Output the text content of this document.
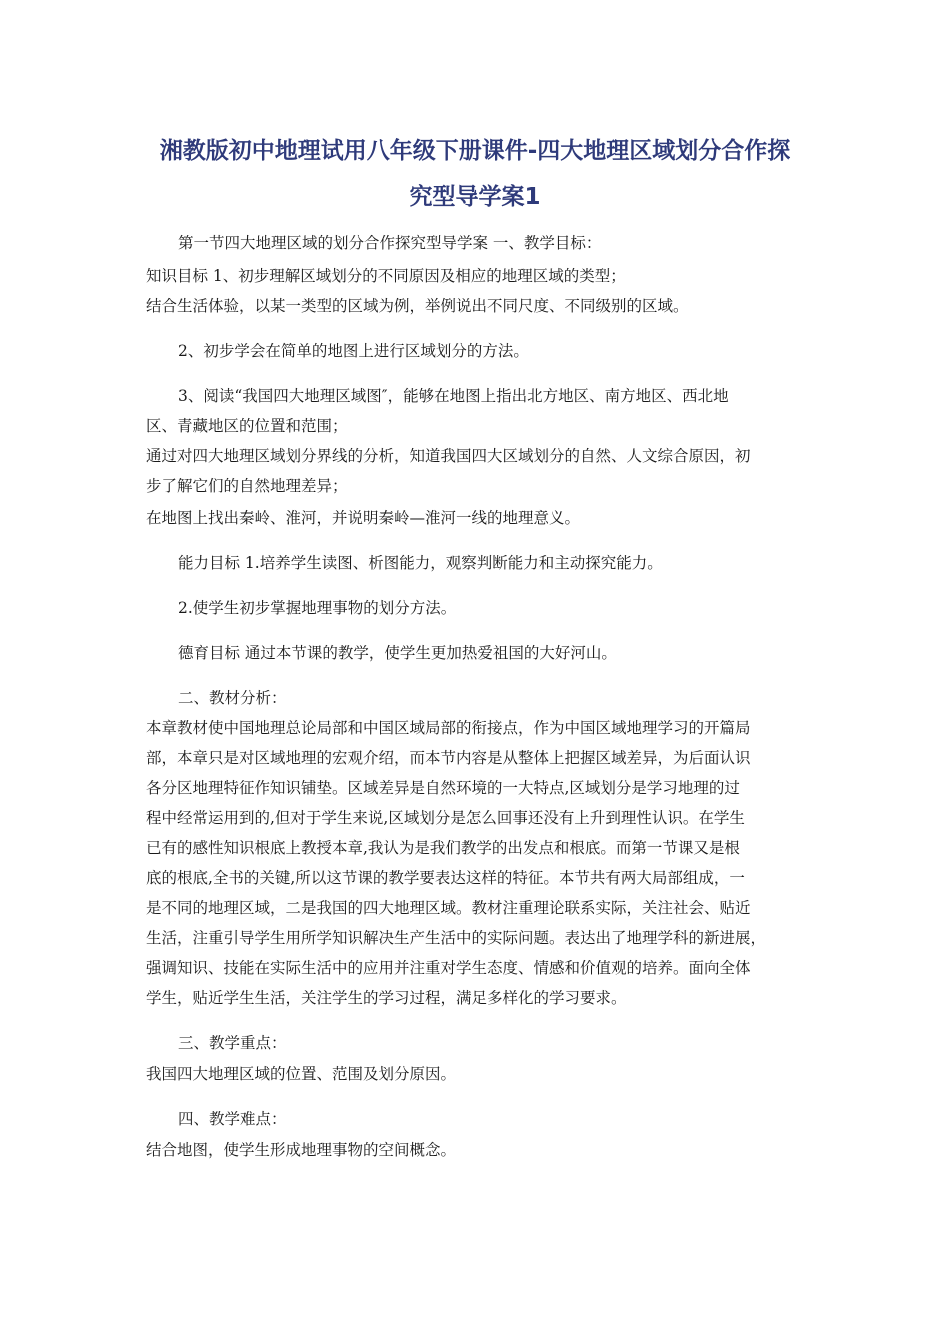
湘教版初中地理试用八年级下册课件-四大地理区域划分合作探
究型导学案1
第一节四大地理区域的划分合作探究型导学案 一、教学目标：
知识目标 1、初步理解区域划分的不同原因及相应的地理区域的类型；
结合生活体验，以某一类型的区域为例，举例说出不同尺度、不同级别的区域。
2、初步学会在简单的地图上进行区域划分的方法。
3、阅读“我国四大地理区域图″，能够在地图上指出北方地区、南方地区、西北地
区、青藏地区的位置和范围；
通过对四大地理区域划分界线的分析，知道我国四大区域划分的自然、人文综合原因，初
步了解它们的自然地理差异；
在地图上找出秦岭、淮河，并说明秦岭—淮河一线的地理意义。
能力目标 1.培养学生读图、析图能力，观察判断能力和主动探究能力。
2.使学生初步掌握地理事物的划分方法。
德育目标 通过本节课的教学，使学生更加热爱祖国的大好河山。
二、教材分析：
本章教材使中国地理总论局部和中国区域局部的衔接点，作为中国区域地理学习的开篇局
部，本章只是对区域地理的宏观介绍，而本节内容是从整体上把握区域差异，为后面认识
各分区地理特征作知识铺垫。区域差异是自然环境的一大特点,区域划分是学习地理的过
程中经常运用到的,但对于学生来说,区域划分是怎么回事还没有上升到理性认识。在学生
已有的感性知识根底上教授本章,我认为是我们教学的出发点和根底。而第一节课又是根
底的根底,全书的关键,所以这节课的教学要表达这样的特征。本节共有两大局部组成，一
是不同的地理区域，二是我国的四大地理区域。教材注重理论联系实际，关注社会、贴近
生活，注重引导学生用所学知识解决生产生活中的实际问题。表达出了地理学科的新进展，
强调知识、技能在实际生活中的应用并注重对学生态度、情感和价值观的培养。面向全体
学生，贴近学生生活，关注学生的学习过程，满足多样化的学习要求。
三、教学重点：
我国四大地理区域的位置、范围及划分原因。
四、教学难点：
结合地图，使学生形成地理事物的空间概念。
